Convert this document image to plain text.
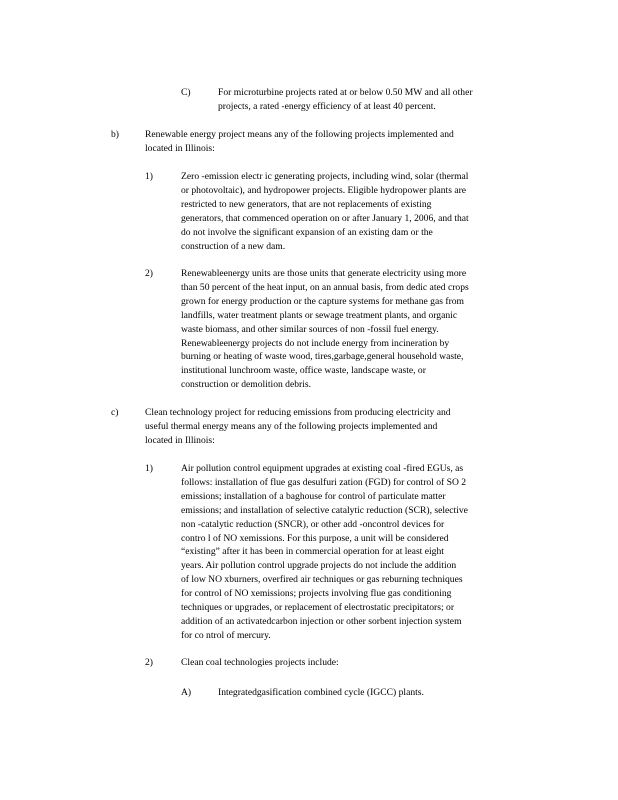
C)	For microturbine projects rated at or below 0.50 MW and all other
projects, a rated -energy efficiency of at least 40 percent.
b)	Renewable energy project means any of the following projects implemented and
located in Illinois:
1)	Zero -emission electr ic generating projects, including wind, solar (thermal
or photovoltaic), and hydropower projects. Eligible hydropower plants are
restricted to new generators, that are not replacements of existing
generators, that commenced operation on or after January 1, 2006, and that
do not involve the significant expansion of an existing dam or the
construction of a new dam.
2)	Renewableenergy units are those units that generate electricity using more
than 50 percent of the heat input, on an annual basis, from dedic ated crops
grown for energy production or the capture systems for methane gas from
landfills, water treatment plants or sewage treatment plants, and organic
waste biomass, and other similar sources of non -fossil fuel energy.
Renewableenergy projects do not include energy from incineration by
burning or heating of waste wood, tires,garbage,general household waste,
institutional lunchroom waste, office waste, landscape waste, or
construction or demolition debris.
c)	Clean technology project for reducing emissions from producing electricity and
useful thermal energy means any of the following projects implemented and
located in Illinois:
1)	Air pollution control equipment upgrades at existing coal -fired EGUs, as
follows: installation of flue gas desulfuri zation (FGD) for control of SO 2
emissions; installation of a baghouse for control of particulate matter
emissions; and installation of selective catalytic reduction (SCR), selective
non -catalytic reduction (SNCR), or other add -oncontrol devices for
contro l of NO xemissions. For this purpose, a unit will be considered
“existing” after it has been in commercial operation for at least eight
years. Air pollution control upgrade projects do not include the addition
of low NO xburners, overfired air techniques or gas reburning techniques
for control of NO xemissions; projects involving flue gas conditioning
techniques or upgrades, or replacement of electrostatic precipitators; or
addition of an activatedcarbon injection or other sorbent injection system
for co ntrol of mercury.
2)	Clean coal technologies projects include:
A)	Integratedgasification combined cycle (IGCC) plants.
